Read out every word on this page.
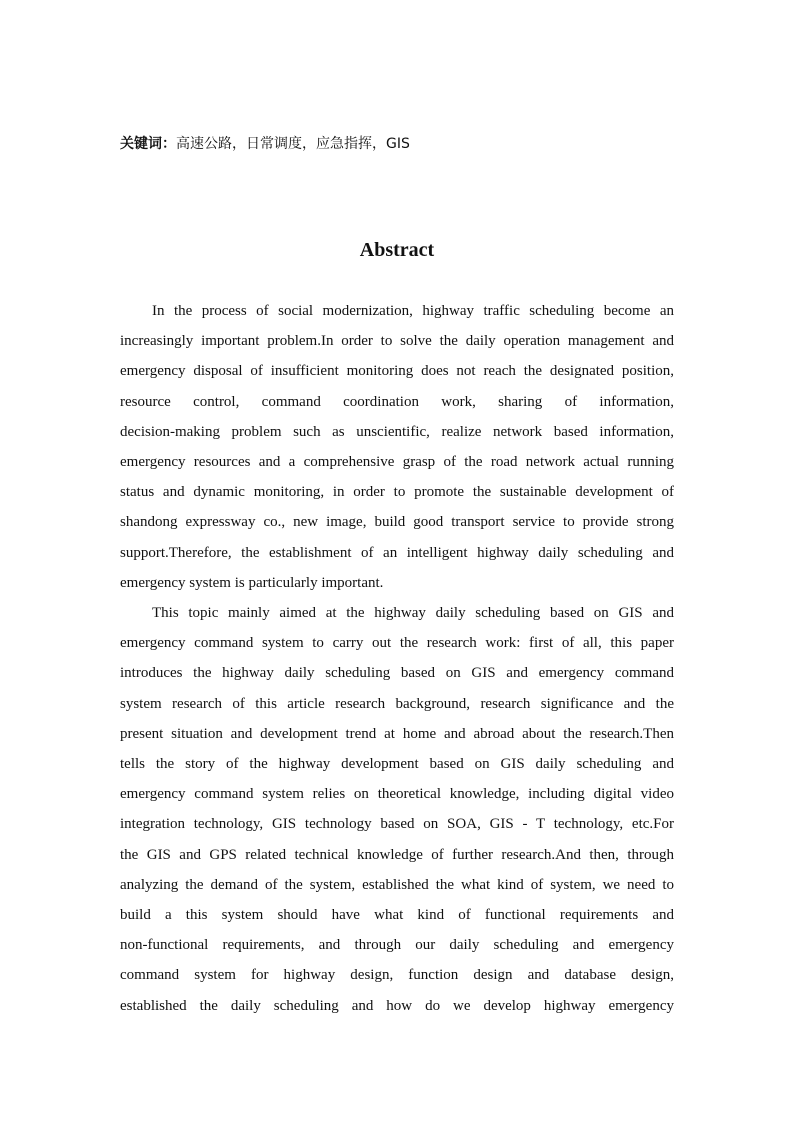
关键词：高速公路，日常调度，应急指挥，GIS
Abstract
In the process of social modernization, highway traffic scheduling become an
increasingly important problem.In order to solve the daily operation management and
emergency disposal of insufficient monitoring does not reach the designated position,
resource control, command coordination work, sharing of information,
decision-making problem such as unscientific, realize network based information,
emergency resources and a comprehensive grasp of the road network actual running
status and dynamic monitoring, in order to promote the sustainable development of
shandong expressway co., new image, build good transport service to provide strong
support.Therefore, the establishment of an intelligent highway daily scheduling and
emergency system is particularly important.
This topic mainly aimed at the highway daily scheduling based on GIS and
emergency command system to carry out the research work: first of all, this paper
introduces the highway daily scheduling based on GIS and emergency command
system research of this article research background, research significance and the
present situation and development trend at home and abroad about the research.Then
tells the story of the highway development based on GIS daily scheduling and
emergency command system relies on theoretical knowledge, including digital video
integration technology, GIS technology based on SOA, GIS - T technology, etc.For
the GIS and GPS related technical knowledge of further research.And then, through
analyzing the demand of the system, established the what kind of system, we need to
build a this system should have what kind of functional requirements and
non-functional requirements, and through our daily scheduling and emergency
command system for highway design, function design and database design,
established the daily scheduling and how do we develop highway emergency
